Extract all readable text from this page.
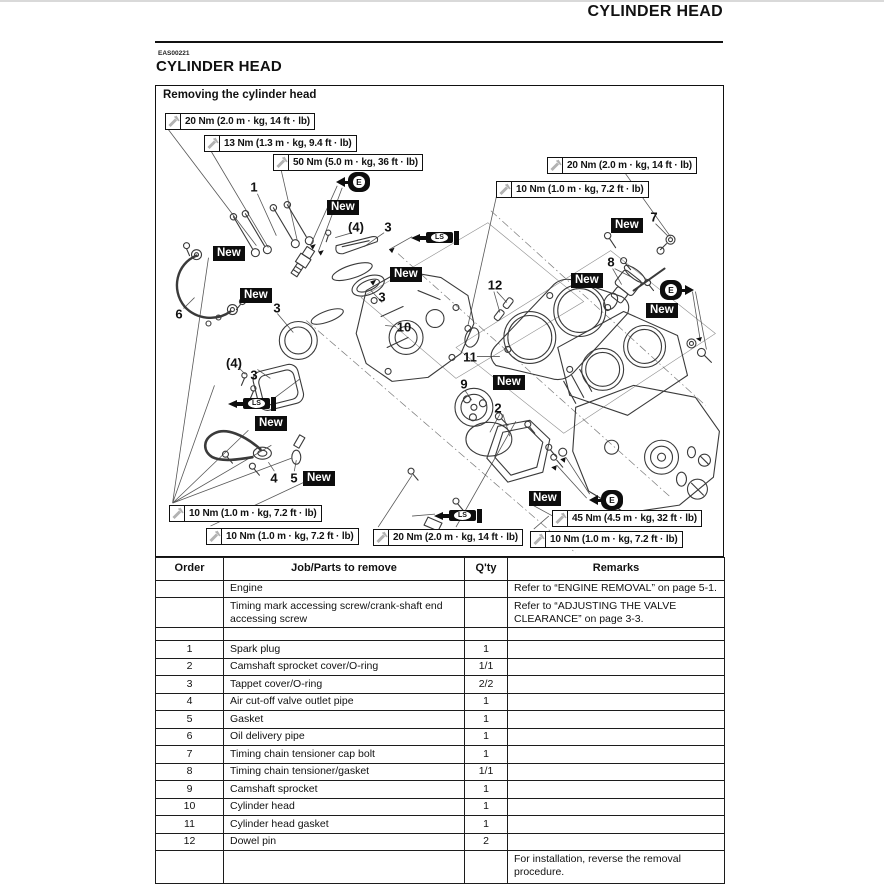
CYLINDER HEAD
EAS00221
CYLINDER HEAD
Removing the cylinder head
20 Nm (2.0 m · kg, 14 ft · lb)
13 Nm (1.3 m · kg, 9.4 ft · lb)
50 Nm (5.0 m · kg, 36 ft · lb)	20 Nm (2.0 m · kg, 14 ft · lb)
10 Nm (1.0 m · kg, 7.2 ft · lb)
10 Nm (1.0 m · kg, 7.2 ft · lb)
10 Nm (1.0 m · kg, 7.2 ft · lb)	20 Nm (2.0 m · kg, 14 ft · lb)
45 Nm (4.5 m · kg, 32 ft · lb)
10 Nm (1.0 m · kg, 7.2 ft · lb)
New
New
New
New
New
New
New
New
New
New
New
E
E
E
LS
LS
LS
1
3
(4)
3
3
(4)
3
6
4 5
10
12
11
9
2
7
8
Order	Job/Parts to remove	Q'ty	Remarks
	Engine		Refer to “ENGINE REMOVAL” on page 5-1.
	Timing mark accessing screw/crank-shaft end accessing screw		Refer to “ADJUSTING THE VALVE CLEARANCE” on page 3-3.

1	Spark plug	1	
2	Camshaft sprocket cover/O-ring	1/1	
3	Tappet cover/O-ring	2/2	
4	Air cut-off valve outlet pipe	1	
5	Gasket	1	
6	Oil delivery pipe	1	
7	Timing chain tensioner cap bolt	1	
8	Timing chain tensioner/gasket	1/1	
9	Camshaft sprocket	1	
10	Cylinder head	1	
11	Cylinder head gasket	1	
12	Dowel pin	2	
			For installation, reverse the removal procedure.
